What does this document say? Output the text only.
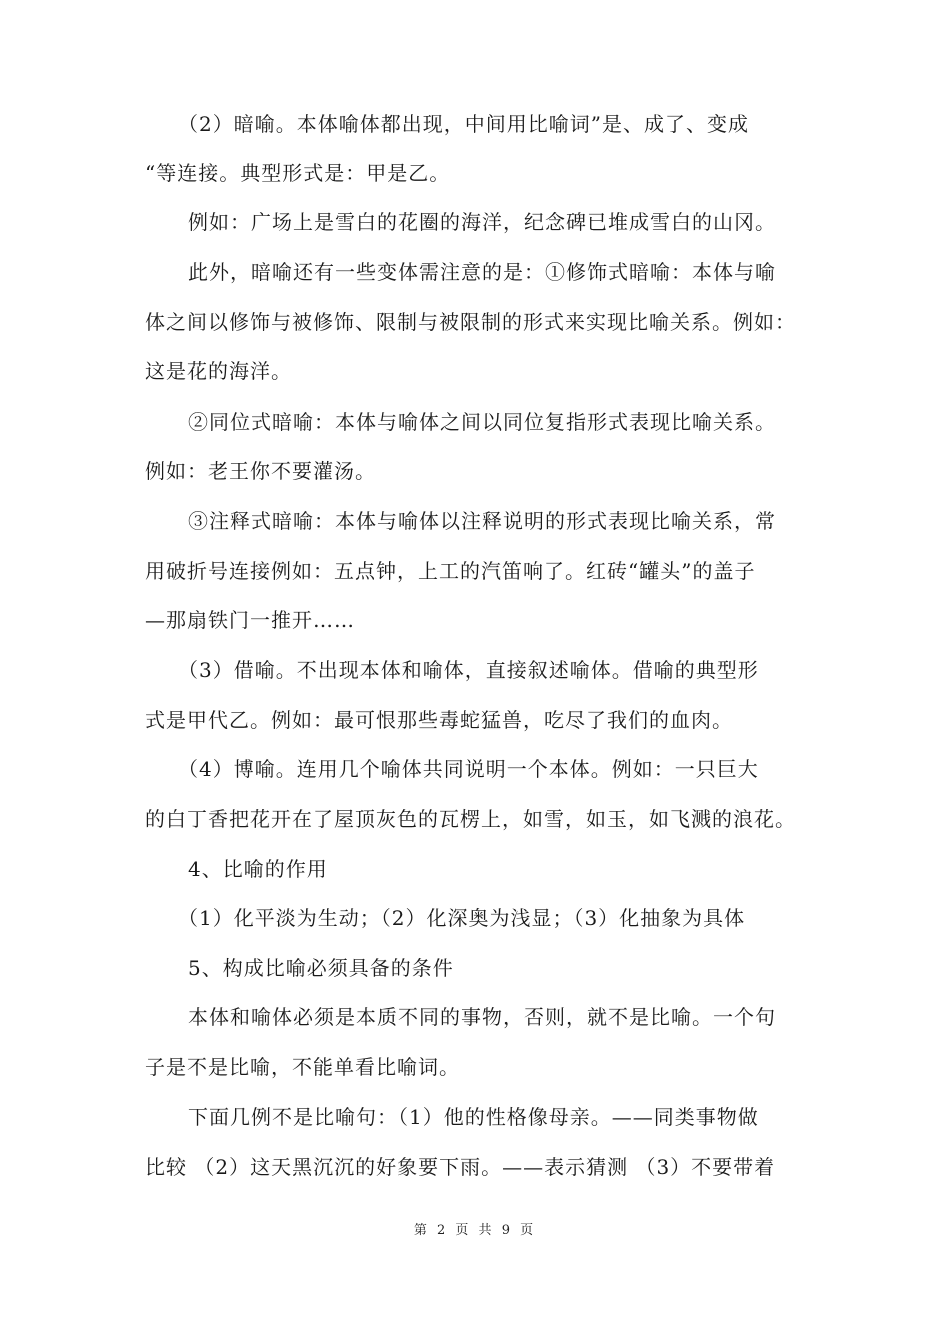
（2）暗喻。本体喻体都出现，中间用比喻词”是、成了、变成
“等连接。典型形式是：甲是乙。
例如：广场上是雪白的花圈的海洋，纪念碑已堆成雪白的山冈。
此外，暗喻还有一些变体需注意的是：①修饰式暗喻：本体与喻
体之间以修饰与被修饰、限制与被限制的形式来实现比喻关系。例如：
这是花的海洋。
②同位式暗喻：本体与喻体之间以同位复指形式表现比喻关系。
例如：老王你不要灌汤。
③注释式暗喻：本体与喻体以注释说明的形式表现比喻关系，常
用破折号连接例如：五点钟，上工的汽笛响了。红砖“罐头”的盖子
—那扇铁门一推开……
（3）借喻。不出现本体和喻体，直接叙述喻体。借喻的典型形
式是甲代乙。例如：最可恨那些毒蛇猛兽，吃尽了我们的血肉。
（4）博喻。连用几个喻体共同说明一个本体。例如：一只巨大
的白丁香把花开在了屋顶灰色的瓦楞上，如雪，如玉，如飞溅的浪花。
4、比喻的作用
（1）化平淡为生动；（2）化深奥为浅显；（3）化抽象为具体
5、构成比喻必须具备的条件
本体和喻体必须是本质不同的事物，否则，就不是比喻。一个句
子是不是比喻，不能单看比喻词。
下面几例不是比喻句：（1）他的性格像母亲。——同类事物做
比较 （2）这天黑沉沉的好象要下雨。——表示猜测 （3）不要带着
第 2 页 共 9 页
